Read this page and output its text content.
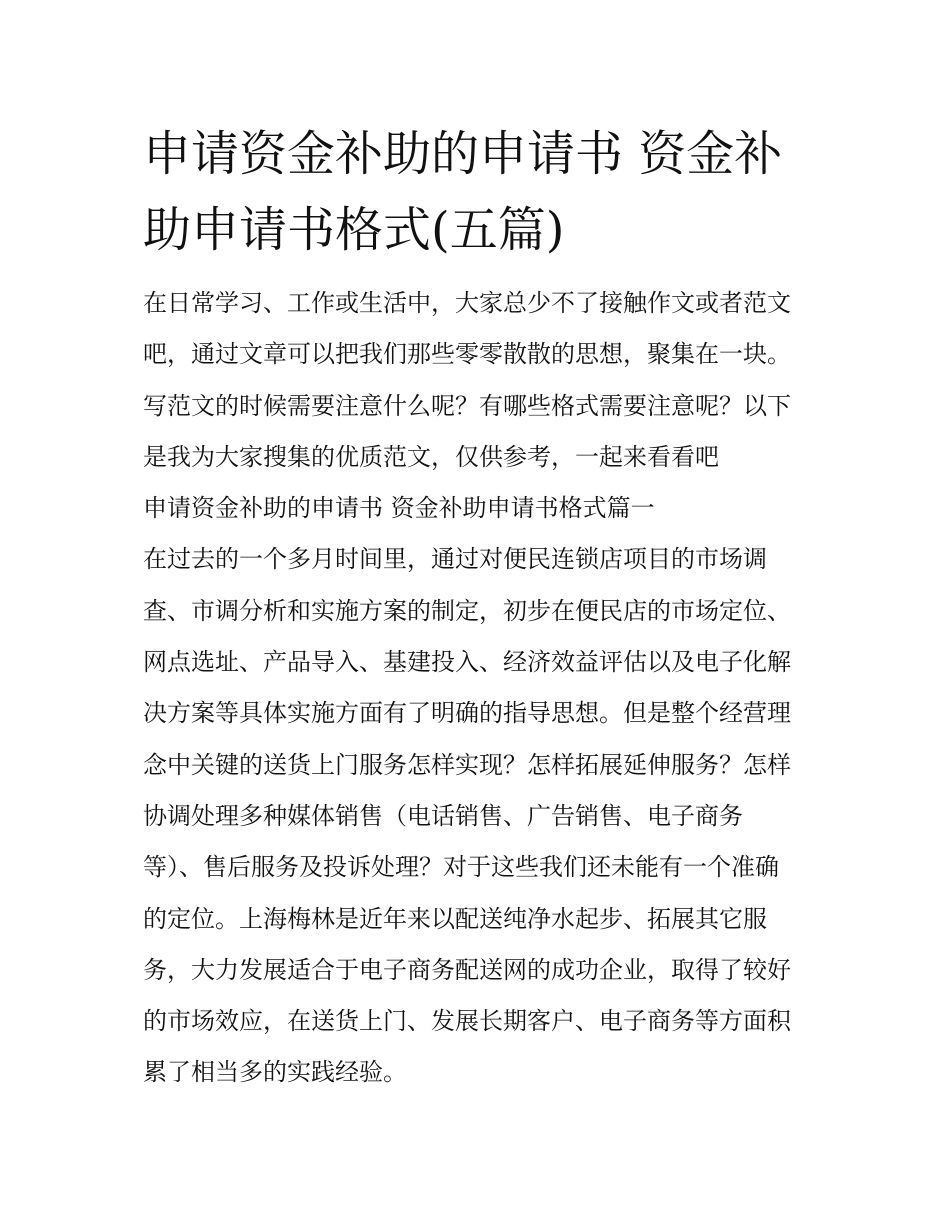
申请资金补助的申请书 资金补
助申请书格式(五篇)
在日常学习、工作或生活中，大家总少不了接触作文或者范文
吧，通过文章可以把我们那些零零散散的思想，聚集在一块。
写范文的时候需要注意什么呢？有哪些格式需要注意呢？以下
是我为大家搜集的优质范文，仅供参考，一起来看看吧
申请资金补助的申请书 资金补助申请书格式篇一
在过去的一个多月时间里，通过对便民连锁店项目的市场调
查、市调分析和实施方案的制定，初步在便民店的市场定位、
网点选址、产品导入、基建投入、经济效益评估以及电子化解
决方案等具体实施方面有了明确的指导思想。但是整个经营理
念中关键的送货上门服务怎样实现？怎样拓展延伸服务？怎样
协调处理多种媒体销售（电话销售、广告销售、电子商务
等）、售后服务及投诉处理？对于这些我们还未能有一个准确
的定位。上海梅林是近年来以配送纯净水起步、拓展其它服
务，大力发展适合于电子商务配送网的成功企业，取得了较好
的市场效应，在送货上门、发展长期客户、电子商务等方面积
累了相当多的实践经验。
